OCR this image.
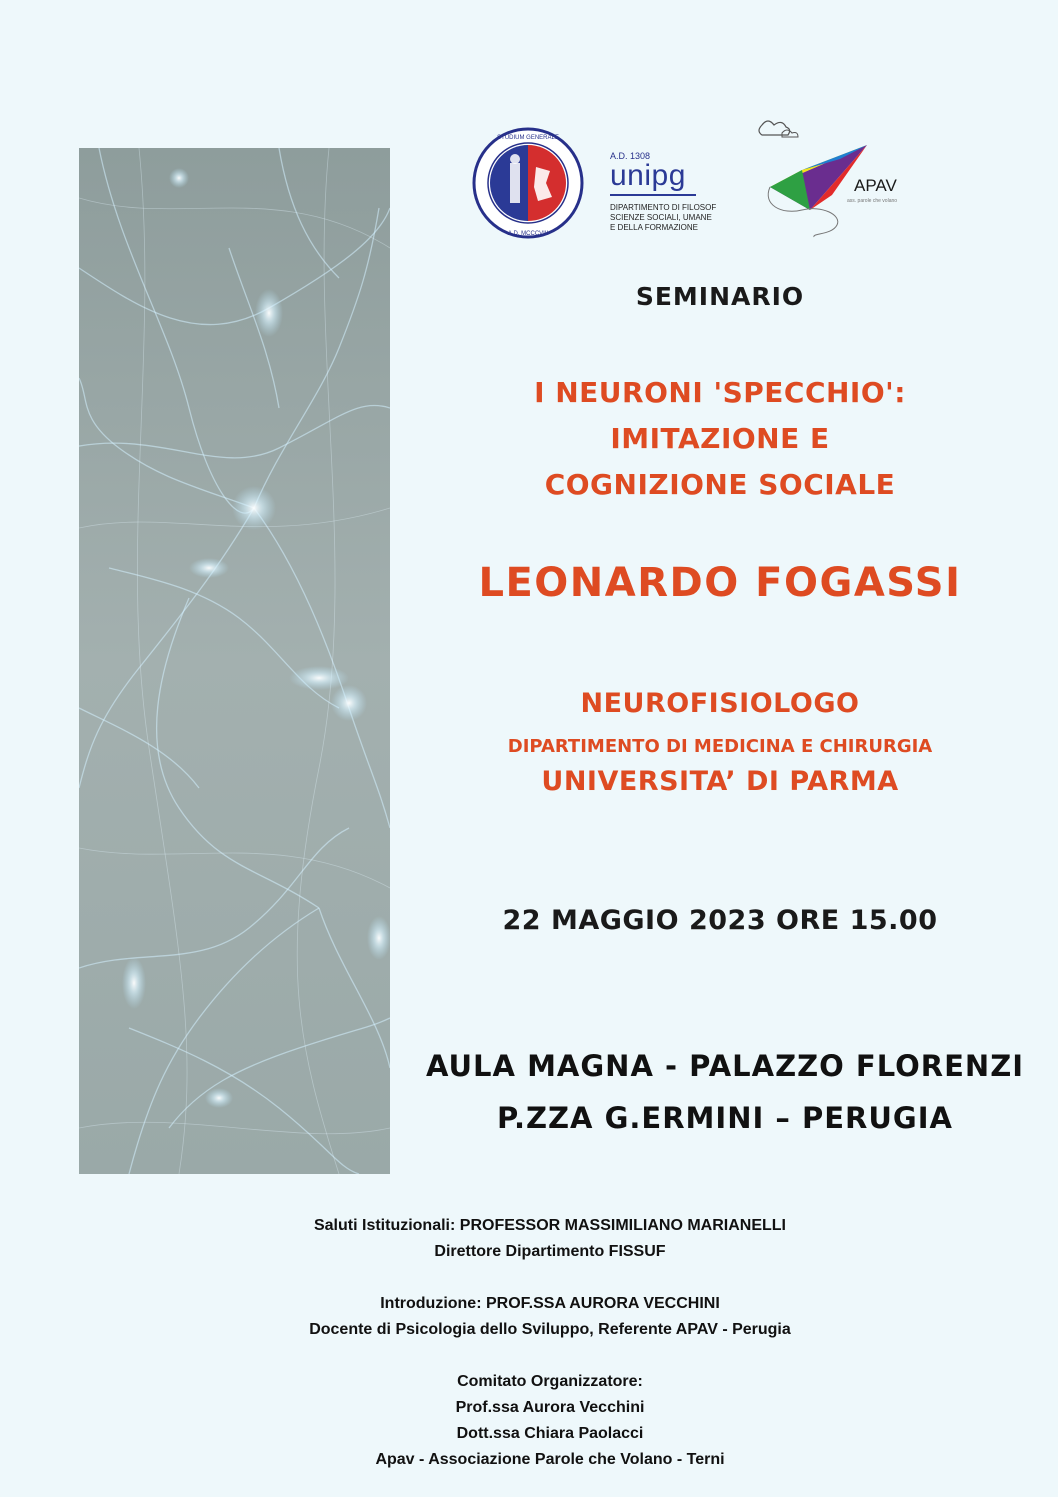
STUDIUM GENERALE
A.D. MCCCVIII
A.D. 1308
unipg
DIPARTIMENTO DI FILOSOF
SCIENZE SOCIALI, UMANE
E DELLA FORMAZIONE
APAV
ass. parole che volano
SEMINARIO
I NEURONI 'SPECCHIO':
IMITAZIONE E
COGNIZIONE SOCIALE
LEONARDO FOGASSI
NEUROFISIOLOGO
DIPARTIMENTO DI MEDICINA E CHIRURGIA
UNIVERSITA’ DI PARMA
22 MAGGIO 2023 ORE 15.00
AULA MAGNA - PALAZZO FLORENZI
P.ZZA G.ERMINI – PERUGIA
Saluti Istituzionali: PROFESSOR MASSIMILIANO MARIANELLI
Direttore Dipartimento FISSUF
Introduzione: PROF.SSA AURORA VECCHINI
Docente di Psicologia dello Sviluppo, Referente APAV - Perugia
Comitato Organizzatore:
Prof.ssa Aurora Vecchini
Dott.ssa Chiara Paolacci
Apav - Associazione Parole che Volano - Terni
